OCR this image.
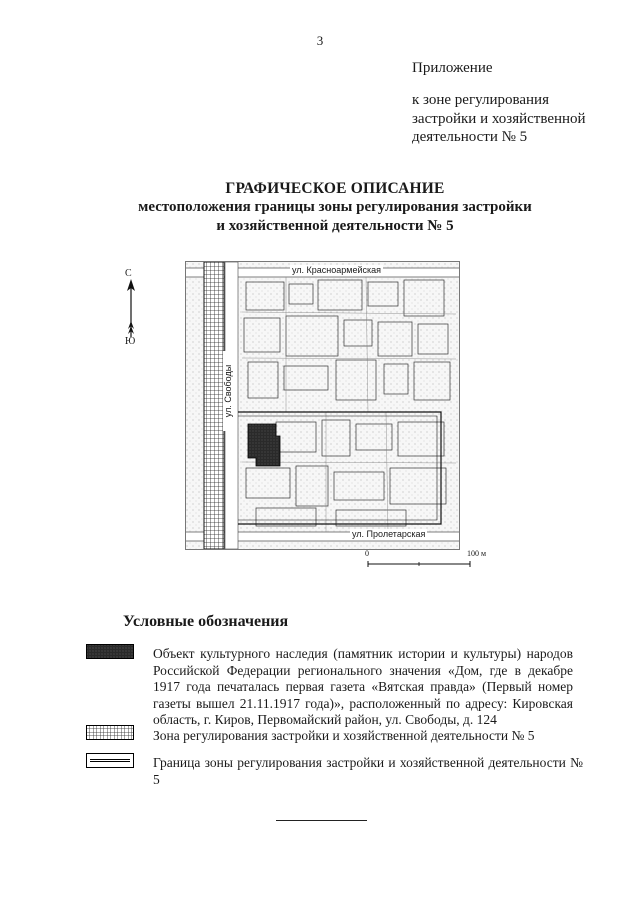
3
Приложение
к зоне регулирования
застройки и хозяйственной
деятельности № 5
ГРАФИЧЕСКОЕ ОПИСАНИЕ
местоположения границы зоны регулирования застройки
и хозяйственной деятельности № 5
С
Ю
ул. Красноармейская
ул. Пролетарская
ул. Свободы
0	100 м
Условные обозначения
Объект культурного наследия (памятник истории и культуры) народов Российской Федерации регионального значения «Дом, где в декабре 1917 года печаталась первая газета «Вятская правда» (Первый номер газеты вышел 21.11.1917 года)», расположенный по адресу: Кировская область, г. Киров, Первомайский район, ул. Свободы, д. 124
Зона регулирования застройки и хозяйственной деятельности № 5
Граница зоны регулирования застройки и хозяйственной деятельности № 5
